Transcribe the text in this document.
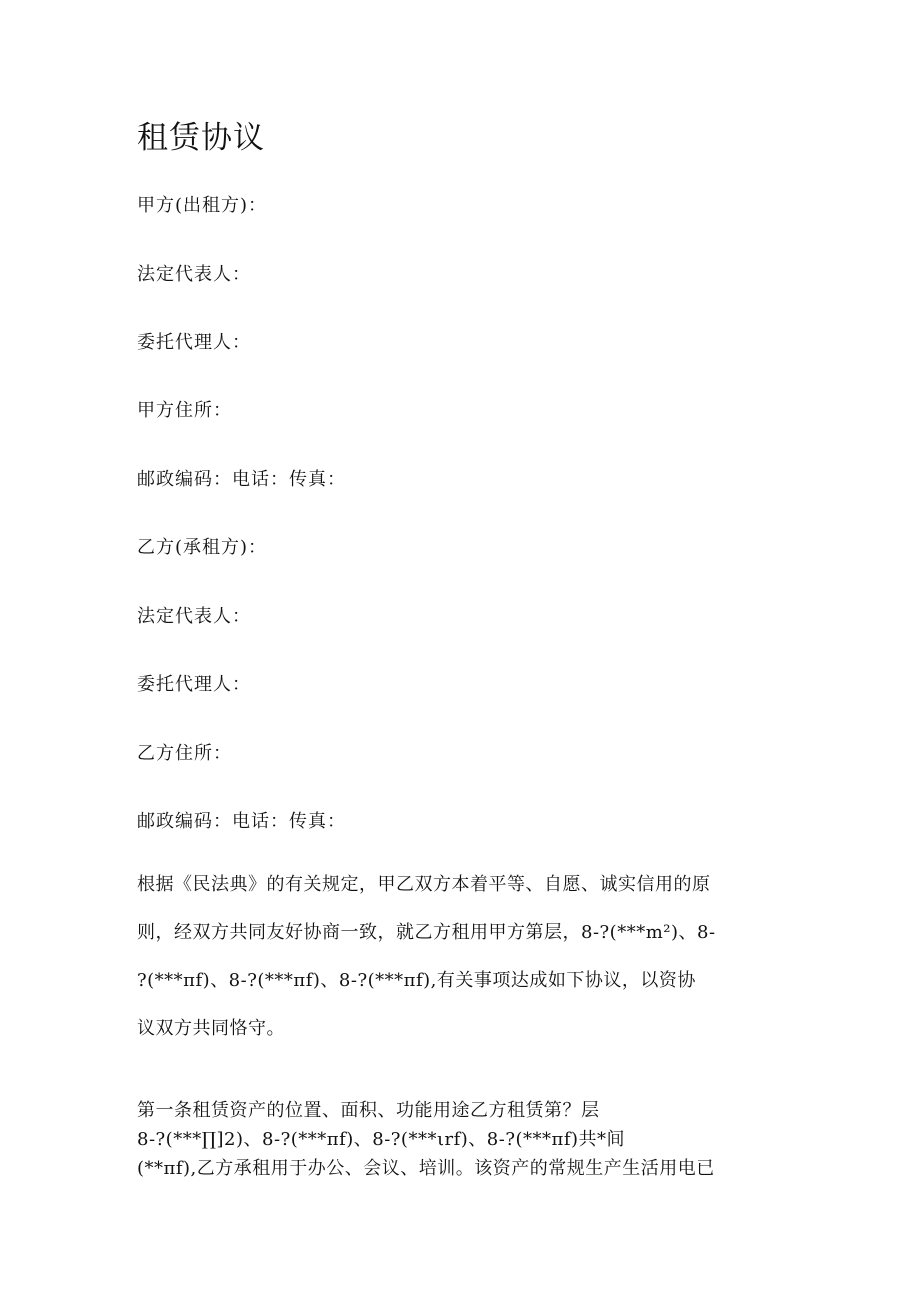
租赁协议

甲方(出租方)：

法定代表人：

委托代理人：

甲方住所：

邮政编码：电话：传真：

乙方(承租方)：

法定代表人：

委托代理人：

乙方住所：

邮政编码：电话：传真：

根据《民法典》的有关规定，甲乙双方本着平等、自愿、诚实信用的原
则，经双方共同友好协商一致，就乙方租用甲方第层，8-?(***m²)、8-
?(***πf)、8-?(***πf)、8-?(***πf),有关事项达成如下协议，以资协
议双方共同恪守。
第一条租赁资产的位置、面积、功能用途乙方租赁第？层
8-?(***∏]2)、8-?(***πf)、8-?(***ιrf)、8-?(***πf)共*间
(**πf),乙方承租用于办公、会议、培训。该资产的常规生产生活用电已
